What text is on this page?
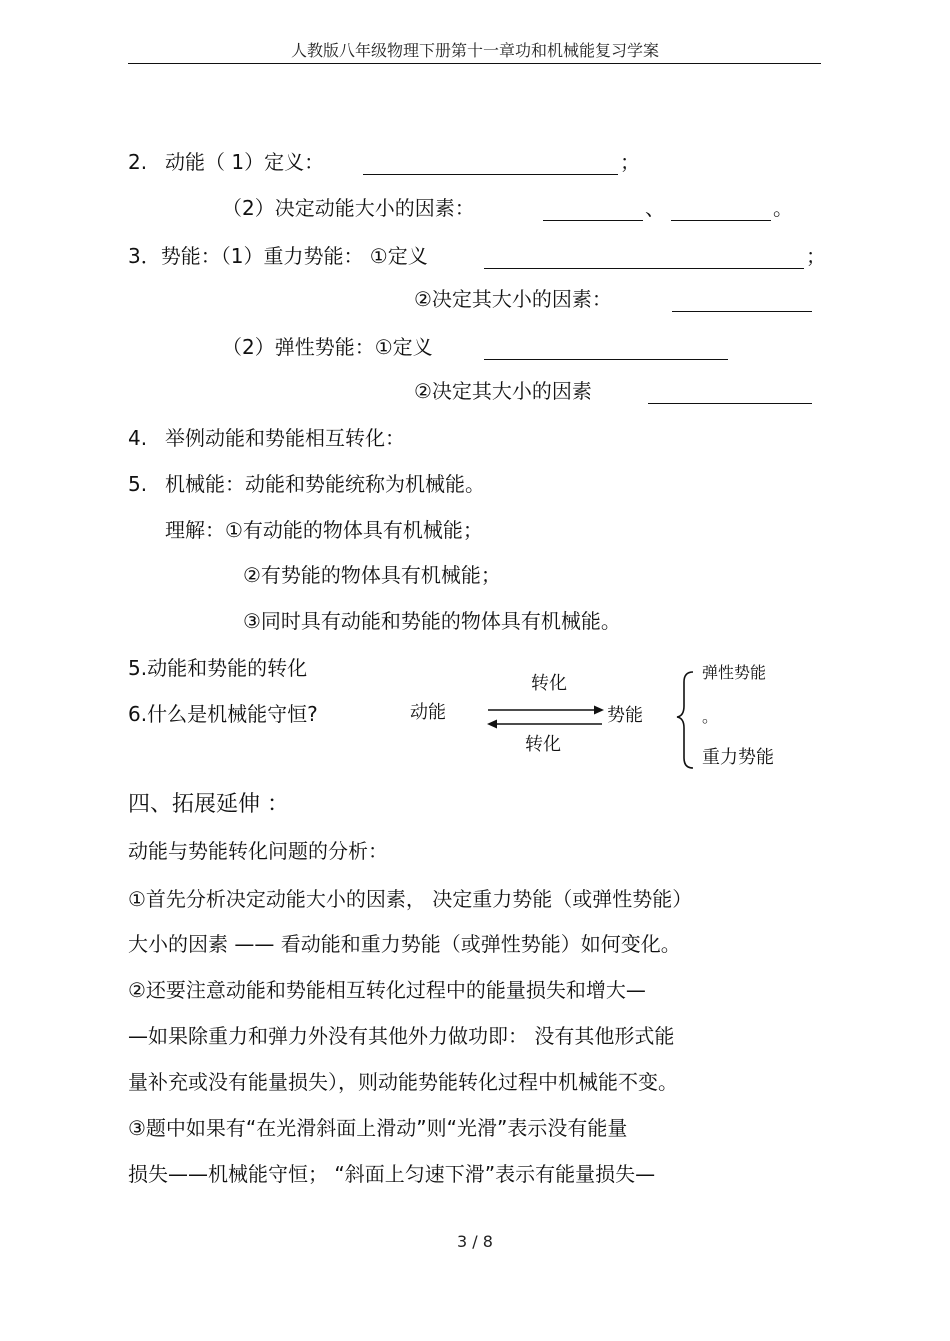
人教版八年级物理下册第十一章功和机械能复习学案
2. 动能（ 1）定义：	；
（2）决定动能大小的因素：	、	。
3．势能：（1）重力势能： ①定义	；
②决定其大小的因素：
（2）弹性势能：①定义
②决定其大小的因素
4. 举例动能和势能相互转化：
5. 机械能：动能和势能统称为机械能。
理解：①有动能的物体具有机械能；
②有势能的物体具有机械能；
③同时具有动能和势能的物体具有机械能。
5.动能和势能的转化
6.什么是机械能守恒?	动能
转化
转化
势能
弹性势能
。
重力势能
四、拓展延伸 ：
动能与势能转化问题的分析：
①首先分析决定动能大小的因素， 决定重力势能（或弹性势能）
大小的因素 —— 看动能和重力势能（或弹性势能）如何变化。
②还要注意动能和势能相互转化过程中的能量损失和增大—
—如果除重力和弹力外没有其他外力做功即： 没有其他形式能
量补充或没有能量损失），则动能势能转化过程中机械能不变。
③题中如果有“在光滑斜面上滑动”则“光滑”表示没有能量
损失——机械能守恒； “斜面上匀速下滑”表示有能量损失—
3 / 8
